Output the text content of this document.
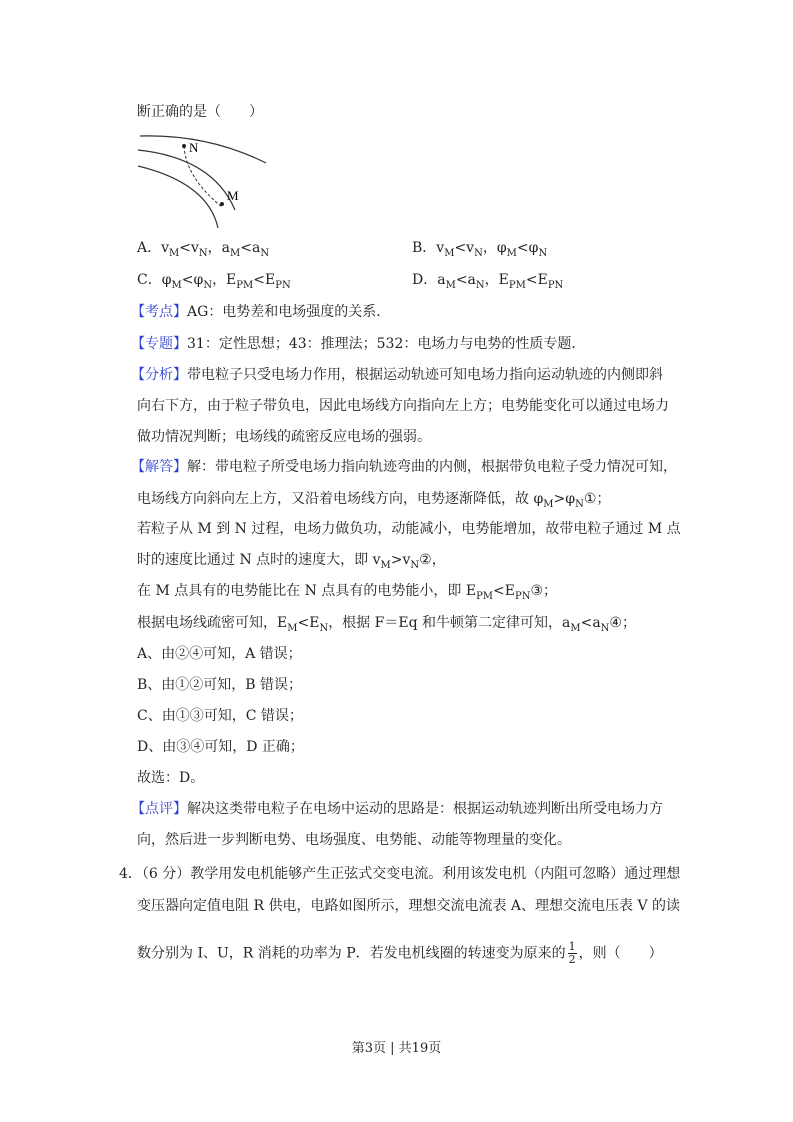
断正确的是（　　）
A．$v_M<v_N$，$a_M<a_N$	B．$v_M<v_N$，$\varphi_M<\varphi_N$
C．$\varphi_M<\varphi_N$，$E_{PM}<E_{PN}$	D．$a_M<a_N$，$E_{PM}<E_{PN}$
【考点】AG：电势差和电场强度的关系．
【专题】31：定性思想；43：推理法；532：电场力与电势的性质专题．
【分析】带电粒子只受电场力作用，根据运动轨迹可知电场力指向运动轨迹的内侧即斜
向右下方，由于粒子带负电，因此电场线方向指向左上方；电势能变化可以通过电场力
做功情况判断；电场线的疏密反应电场的强弱。
【解答】解：带电粒子所受电场力指向轨迹弯曲的内侧，根据带负电粒子受力情况可知，
电场线方向斜向左上方，又沿着电场线方向，电势逐渐降低，故 $\varphi_M>\varphi_N①$；
若粒子从 M 到 N 过程，电场力做负功，动能减小，电势能增加，故带电粒子通过 M 点
时的速度比通过 N 点时的速度大，即 $v_M>v_N②$，
在 M 点具有的电势能比在 N 点具有的电势能小，即 $E_{PM}<E_{PN}③$；
根据电场线疏密可知，$E_M<E_N$，根据 F＝Eq 和牛顿第二定律可知，$a_M<a_N④$；
A、由②④可知，A 错误；
B、由①②可知，B 错误；
C、由①③可知，C 错误；
D、由③④可知，D 正确；
故选：D。
【点评】解决这类带电粒子在电场中运动的思路是：根据运动轨迹判断出所受电场力方
向，然后进一步判断电势、电场强度、电势能、动能等物理量的变化。
4．（6 分）教学用发电机能够产生正弦式交变电流。利用该发电机（内阻可忽略）通过理想
变压器向定值电阻 R 供电，电路如图所示，理想交流电流表 A、理想交流电压表 V 的读
数分别为 I、U，R 消耗的功率为 P．若发电机线圈的转速变为原来的 $\frac{1}{2}$ ，则（　　）
N
M
第3页 | 共19页
